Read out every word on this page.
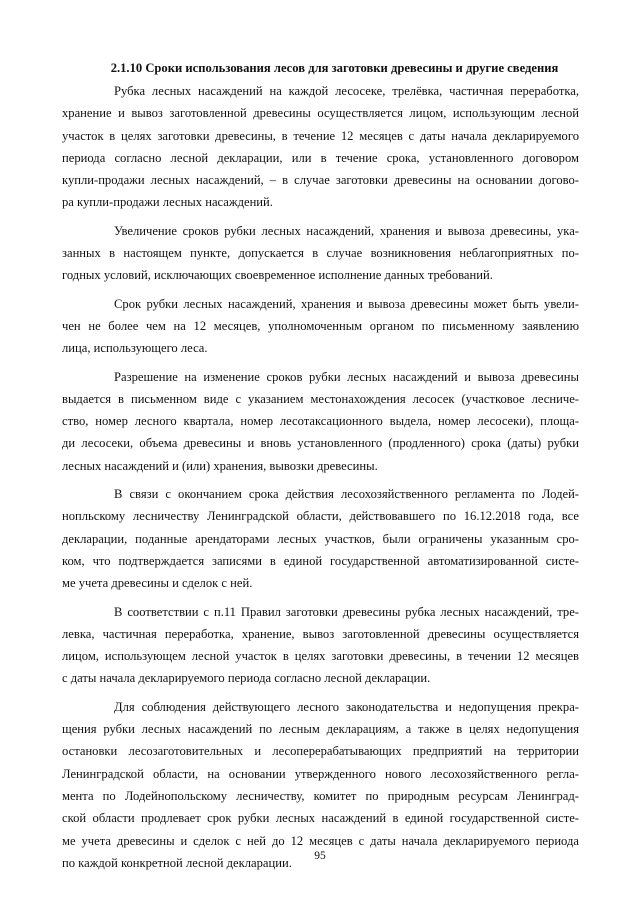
2.1.10 Сроки использования лесов для заготовки древесины и другие сведения
Рубка лесных насаждений на каждой лесосеке, трелёвка, частичная переработка,
хранение и вывоз заготовленной древесины осуществляется лицом, использующим лесной
участок в целях заготовки древесины, в течение 12 месяцев с даты начала декларируемого
периода согласно лесной декларации, или в течение срока, установленного договором
купли-продажи лесных насаждений, – в случае заготовки древесины на основании догово-
ра купли-продажи лесных насаждений.
Увеличение сроков рубки лесных насаждений, хранения и вывоза древесины, ука-
занных в настоящем пункте, допускается в случае возникновения неблагоприятных по-
годных условий, исключающих своевременное исполнение данных требований.
Срок рубки лесных насаждений, хранения и вывоза древесины может быть увели-
чен не более чем на 12 месяцев, уполномоченным органом по письменному заявлению
лица, использующего леса.
Разрешение на изменение сроков рубки лесных насаждений и вывоза древесины
выдается в письменном виде с указанием местонахождения лесосек (участковое лесниче-
ство, номер лесного квартала, номер лесотаксационного выдела, номер лесосеки), площа-
ди лесосеки, объема древесины и вновь установленного (продленного) срока (даты) рубки
лесных насаждений и (или) хранения, вывозки древесины.
В связи с окончанием срока действия лесохозяйственного регламента по Лодей-
нопльскому лесничеству Ленинградской области, действовавшего по 16.12.2018 года, все
декларации, поданные арендаторами лесных участков, были ограничены указанным сро-
ком, что подтверждается записями в единой государственной автоматизированной систе-
ме учета древесины и сделок с ней.
В соответствии с п.11 Правил заготовки древесины рубка лесных насаждений, тре-
левка, частичная переработка, хранение, вывоз заготовленной древесины осуществляется
лицом, использующем лесной участок в целях заготовки древесины, в течении 12 месяцев
с даты начала декларируемого периода согласно лесной декларации.
Для соблюдения действующего лесного законодательства и недопущения прекра-
щения рубки лесных насаждений по лесным декларациям, а также в целях недопущения
остановки лесозаготовительных и лесоперерабатывающих предприятий на территории
Ленинградской области, на основании утвержденного нового лесохозяйственного регла-
мента по Лодейнопольскому лесничеству, комитет по природным ресурсам Ленинград-
ской области продлевает срок рубки лесных насаждений в единой государственной систе-
ме учета древесины и сделок с ней до 12 месяцев с даты начала декларируемого периода
по каждой конкретной лесной декларации.	95
